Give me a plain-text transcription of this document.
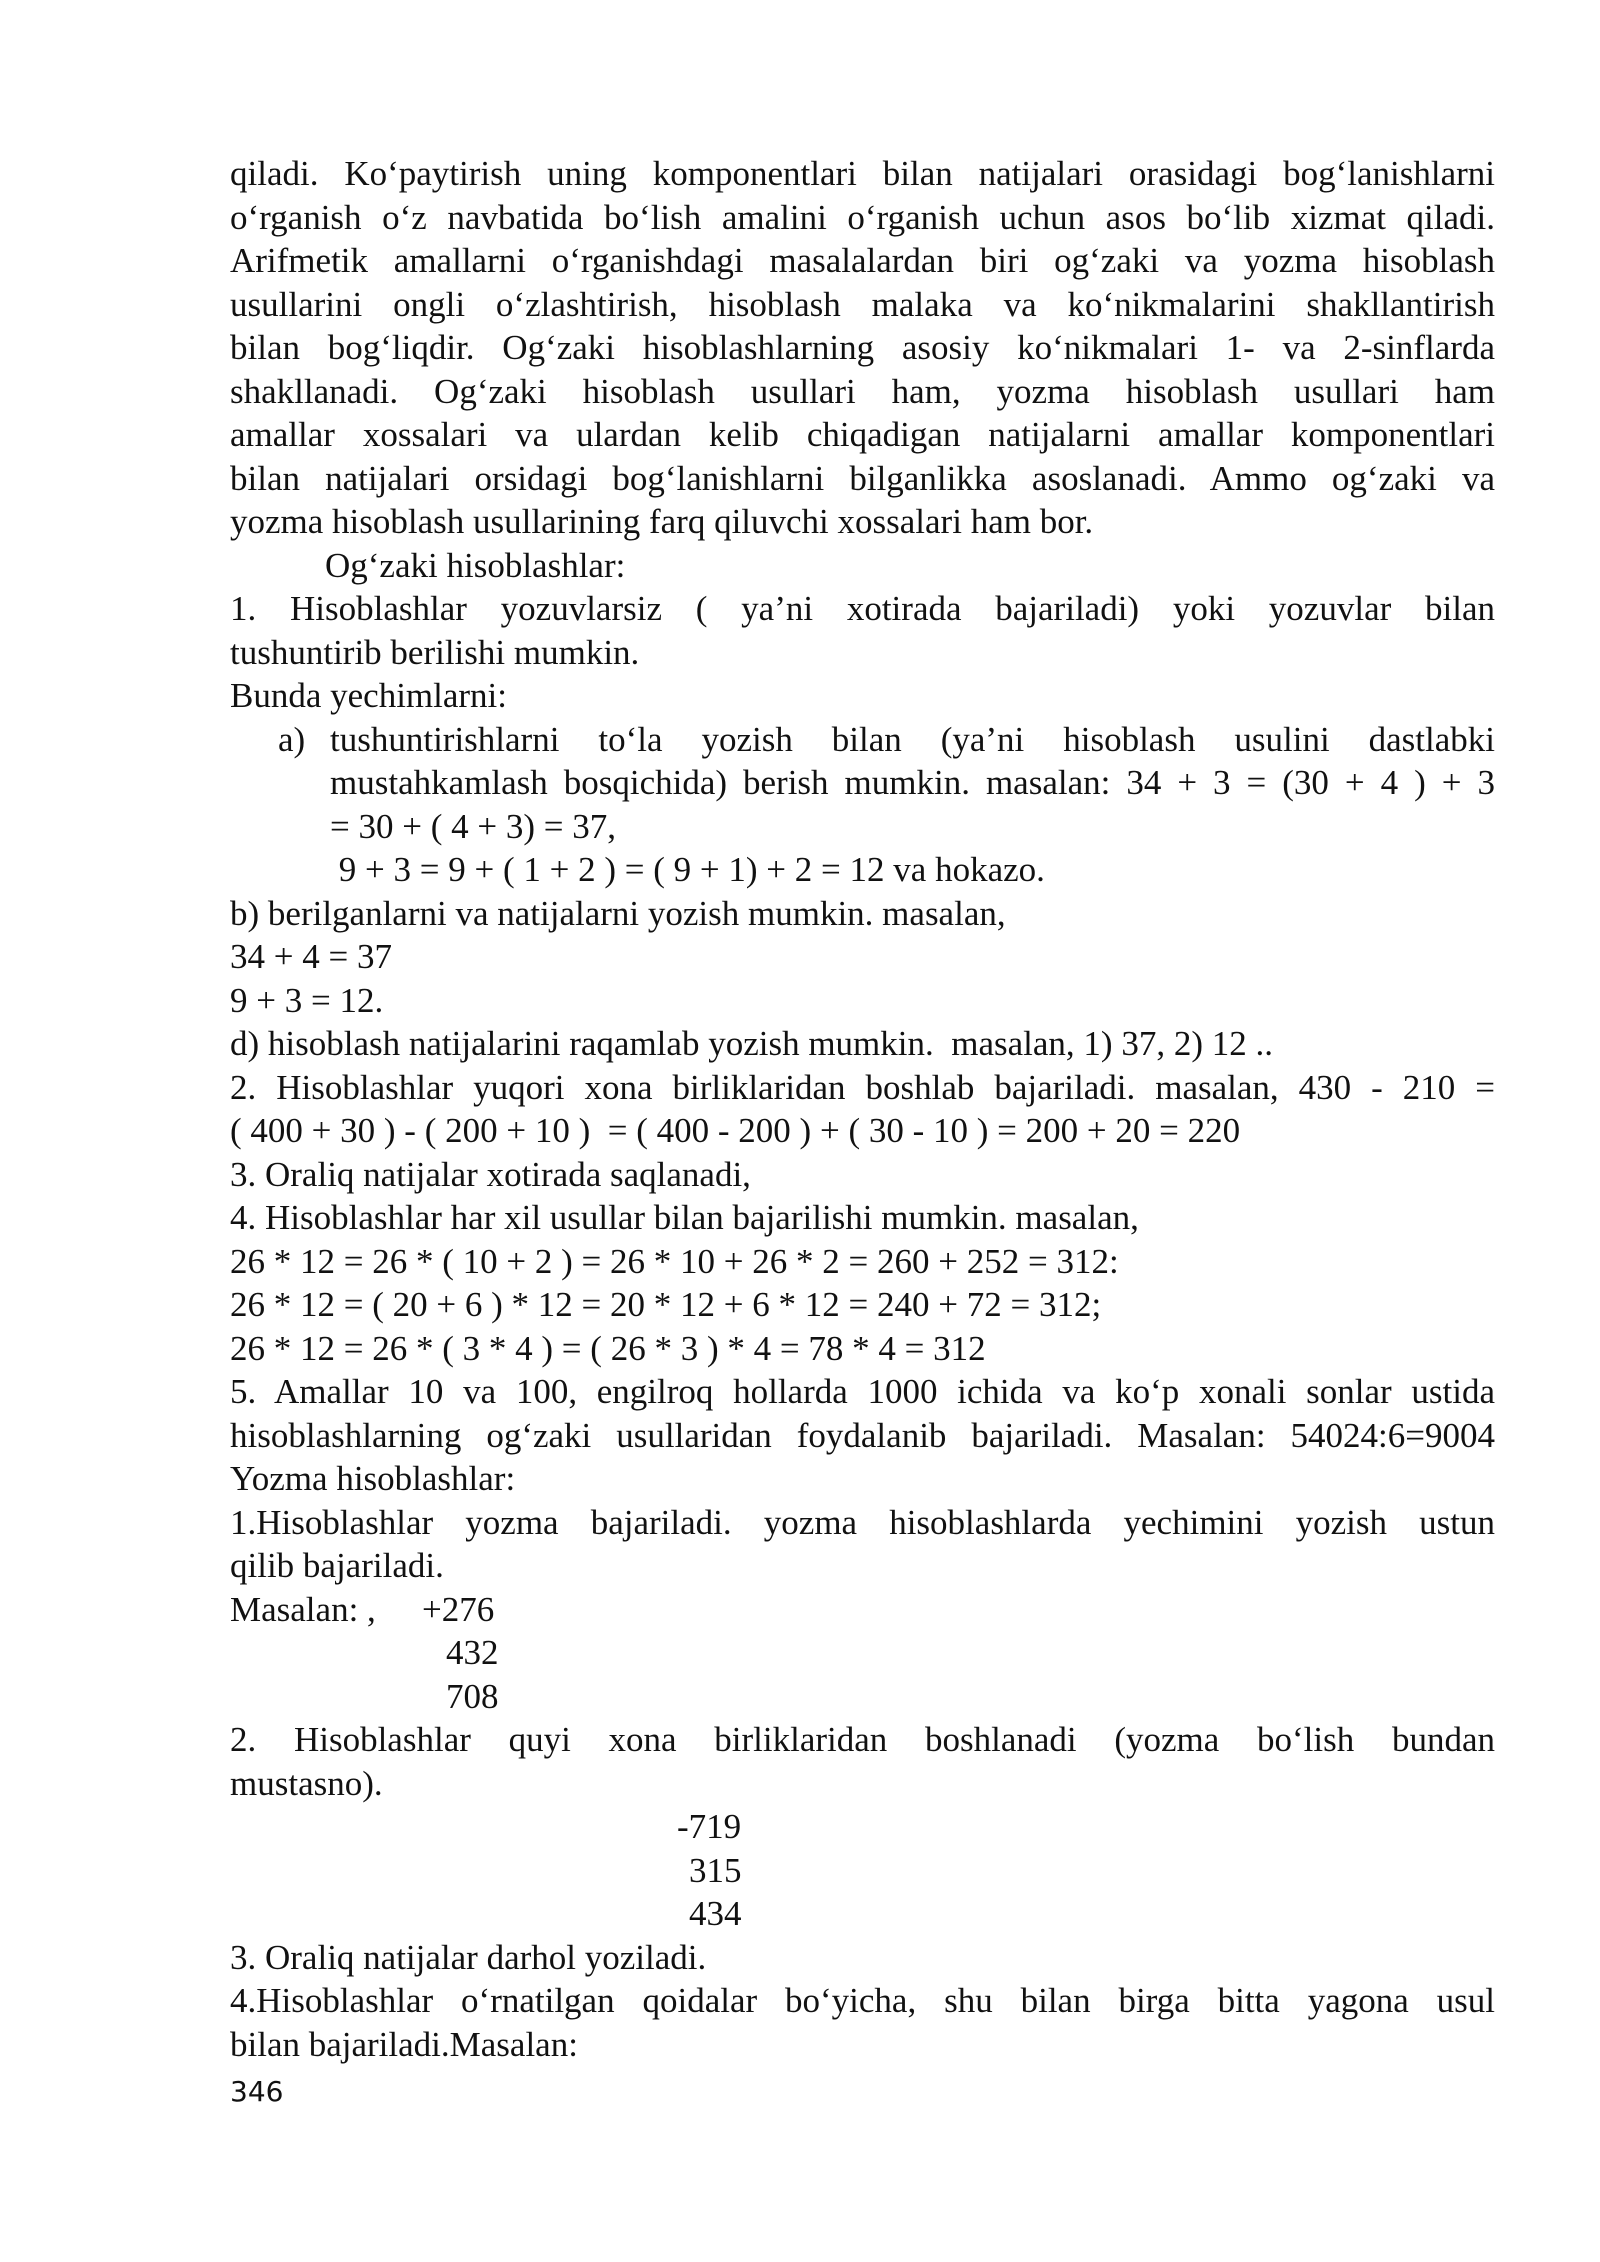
qiladi. Ko‘paytirish uning komponentlari bilan natijalari orasidagi bog‘lanishlarni
o‘rganish o‘z navbatida bo‘lish amalini o‘rganish uchun asos bo‘lib xizmat qiladi.
Arifmetik amallarni o‘rganishdagi masalalardan biri og‘zaki va yozma hisoblash
usullarini ongli o‘zlashtirish, hisoblash malaka va ko‘nikmalarini shakllantirish
bilan bog‘liqdir. Og‘zaki hisoblashlarning asosiy ko‘nikmalari 1- va 2-sinflarda
shakllanadi. Og‘zaki hisoblash usullari ham, yozma hisoblash usullari ham
amallar xossalari va ulardan kelib chiqadigan natijalarni amallar komponentlari
bilan natijalari orsidagi bog‘lanishlarni bilganlikka asoslanadi. Ammo og‘zaki va
yozma hisoblash usullarining farq qiluvchi xossalari ham bor.
Og‘zaki hisoblashlar:
1. Hisoblashlar yozuvlarsiz ( ya’ni xotirada bajariladi) yoki yozuvlar bilan
tushuntirib berilishi mumkin.
Bunda yechimlarni:
a) tushuntirishlarni to‘la yozish bilan (ya’ni hisoblash usulini dastlabki
mustahkamlash bosqichida) berish mumkin. masalan: 34 + 3 = (30 + 4 ) + 3
= 30 + ( 4 + 3) = 37,
9 + 3 = 9 + ( 1 + 2 ) = ( 9 + 1) + 2 = 12 va hokazo.
b) berilganlarni va natijalarni yozish mumkin. masalan,
34 + 4 = 37
9 + 3 = 12.
d) hisoblash natijalarini raqamlab yozish mumkin.  masalan, 1) 37, 2) 12 ..
2. Hisoblashlar yuqori xona birliklaridan boshlab bajariladi. masalan, 430 - 210 =
( 400 + 30 ) - ( 200 + 10 )  = ( 400 - 200 ) + ( 30 - 10 ) = 200 + 20 = 220
3. Oraliq natijalar xotirada saqlanadi,
4. Hisoblashlar har xil usullar bilan bajarilishi mumkin. masalan,
26 * 12 = 26 * ( 10 + 2 ) = 26 * 10 + 26 * 2 = 260 + 252 = 312:
26 * 12 = ( 20 + 6 ) * 12 = 20 * 12 + 6 * 12 = 240 + 72 = 312;
26 * 12 = 26 * ( 3 * 4 ) = ( 26 * 3 ) * 4 = 78 * 4 = 312
5. Amallar 10 va 100, engilroq hollarda 1000 ichida va ko‘p xonali sonlar ustida
hisoblashlarning og‘zaki usullaridan foydalanib bajariladi. Masalan: 54024:6=9004
Yozma hisoblashlar:
1.Hisoblashlar yozma bajariladi. yozma hisoblashlarda yechimini yozish ustun
qilib bajariladi.
Masalan: , +276
432
708
2. Hisoblashlar quyi xona birliklaridan boshlanadi (yozma bo‘lish bundan
mustasno).
-719
315
434
3. Oraliq natijalar darhol yoziladi.
4.Hisoblashlar o‘rnatilgan qoidalar bo‘yicha, shu bilan birga bitta yagona usul
bilan bajariladi.Masalan:
346
